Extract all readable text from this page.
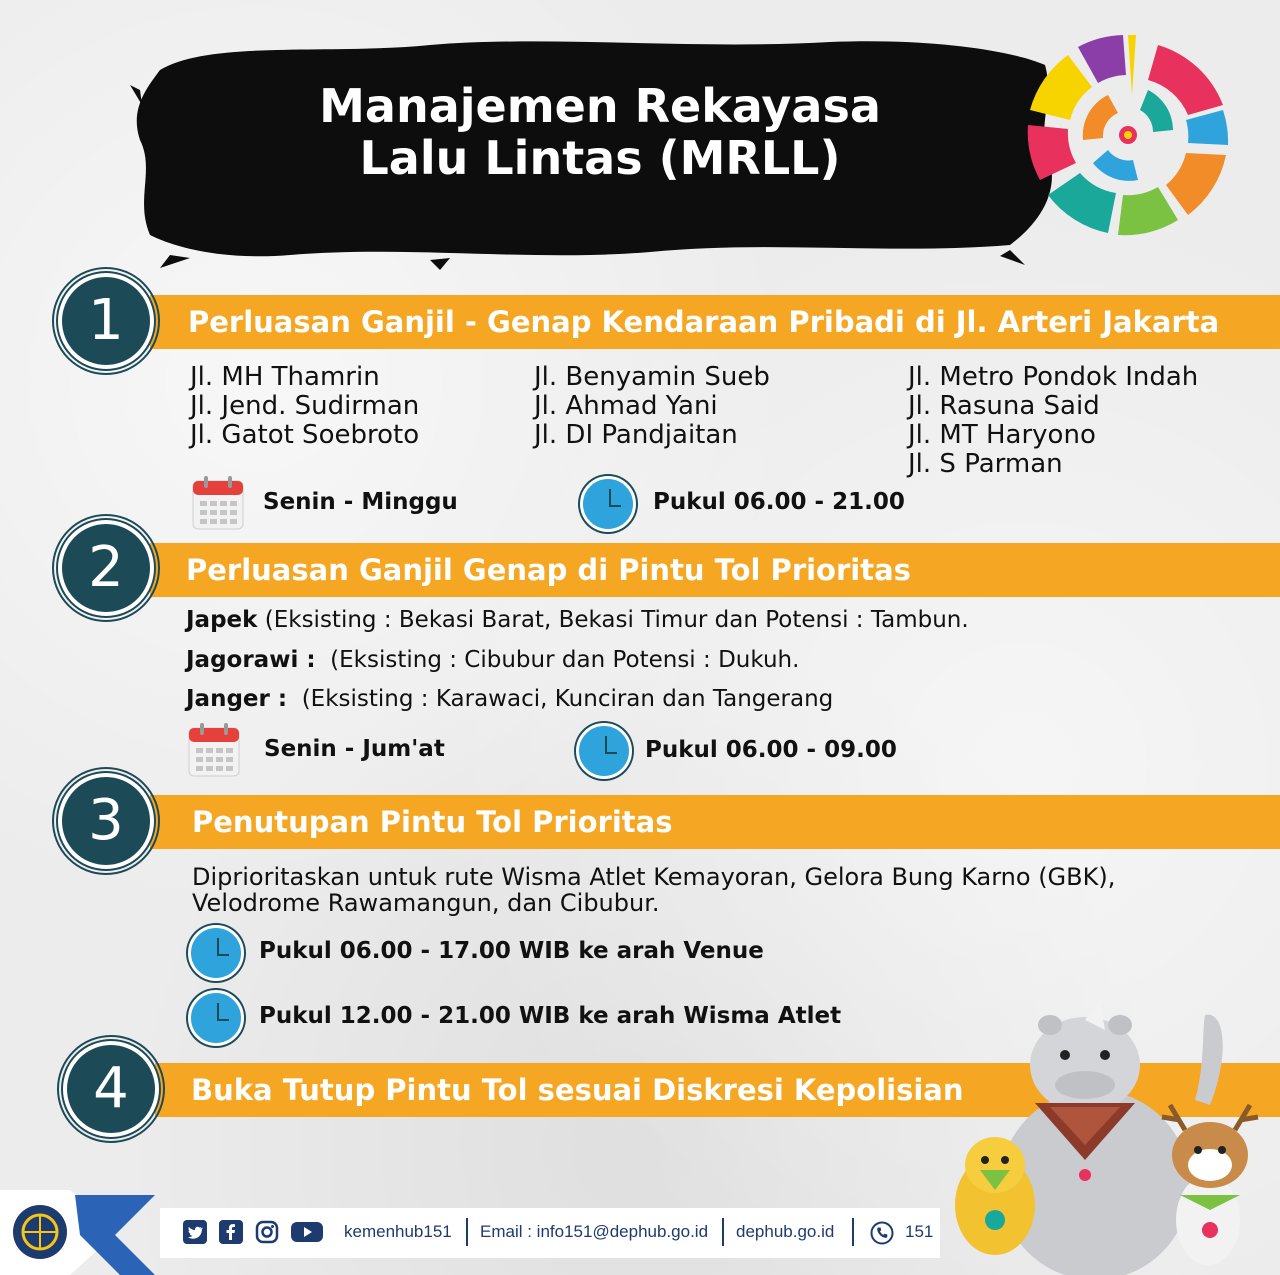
Manajemen Rekayasa
Lalu Lintas (MRLL)
Perluasan Ganjil - Genap Kendaraan Pribadi di Jl. Arteri Jakarta
1
Jl. MH Thamrin
Jl. Jend. Sudirman
Jl. Gatot Soebroto
Jl. Benyamin Sueb
Jl. Ahmad Yani
Jl. DI Pandjaitan
Jl. Metro Pondok Indah
Jl. Rasuna Said
Jl. MT Haryono
Jl. S Parman
Senin - Minggu	Pukul 06.00 - 21.00
Perluasan Ganjil Genap di Pintu Tol Prioritas
2
Japek (Eksisting : Bekasi Barat, Bekasi Timur dan Potensi : Tambun.
Jagorawi : (Eksisting : Cibubur dan Potensi : Dukuh.
Janger : (Eksisting : Karawaci, Kunciran dan Tangerang
Senin - Jum'at	Pukul 06.00 - 09.00
Penutupan Pintu Tol Prioritas
3
Diprioritaskan untuk rute Wisma Atlet Kemayoran, Gelora Bung Karno (GBK), Velodrome Rawamangun, dan Cibubur.
Pukul 06.00 - 17.00 WIB ke arah Venue
Pukul 12.00 - 21.00 WIB ke arah Wisma Atlet
Buka Tutup Pintu Tol sesuai Diskresi Kepolisian
4
kemenhub151 Email : info151@dephub.go.id dephub.go.id	151
